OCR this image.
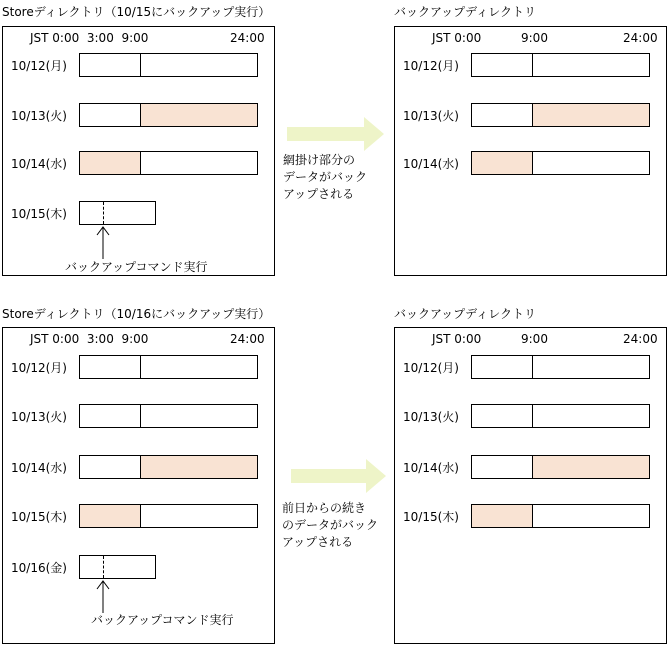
Storeディレクトリ（10/15にバックアップ実行）	バックアップディレクトリ
JST 0:00  3:00  9:00	24:00
10/12(月)
10/13(火)
10/14(水)
10/15(木)
バックアップコマンド実行
網掛け部分の
データがバック
アップされる
JST 0:00	9:00	24:00
10/12(月)
10/13(火)
10/14(水)
Storeディレクトリ（10/16にバックアップ実行）	バックアップディレクトリ
JST 0:00  3:00  9:00	24:00
10/12(月)
10/13(火)
10/14(水)
10/15(木)
10/16(金)
バックアップコマンド実行
前日からの続き
のデータがバック
アップされる
JST 0:00	9:00	24:00
10/12(月)
10/13(火)
10/14(水)
10/15(木)
